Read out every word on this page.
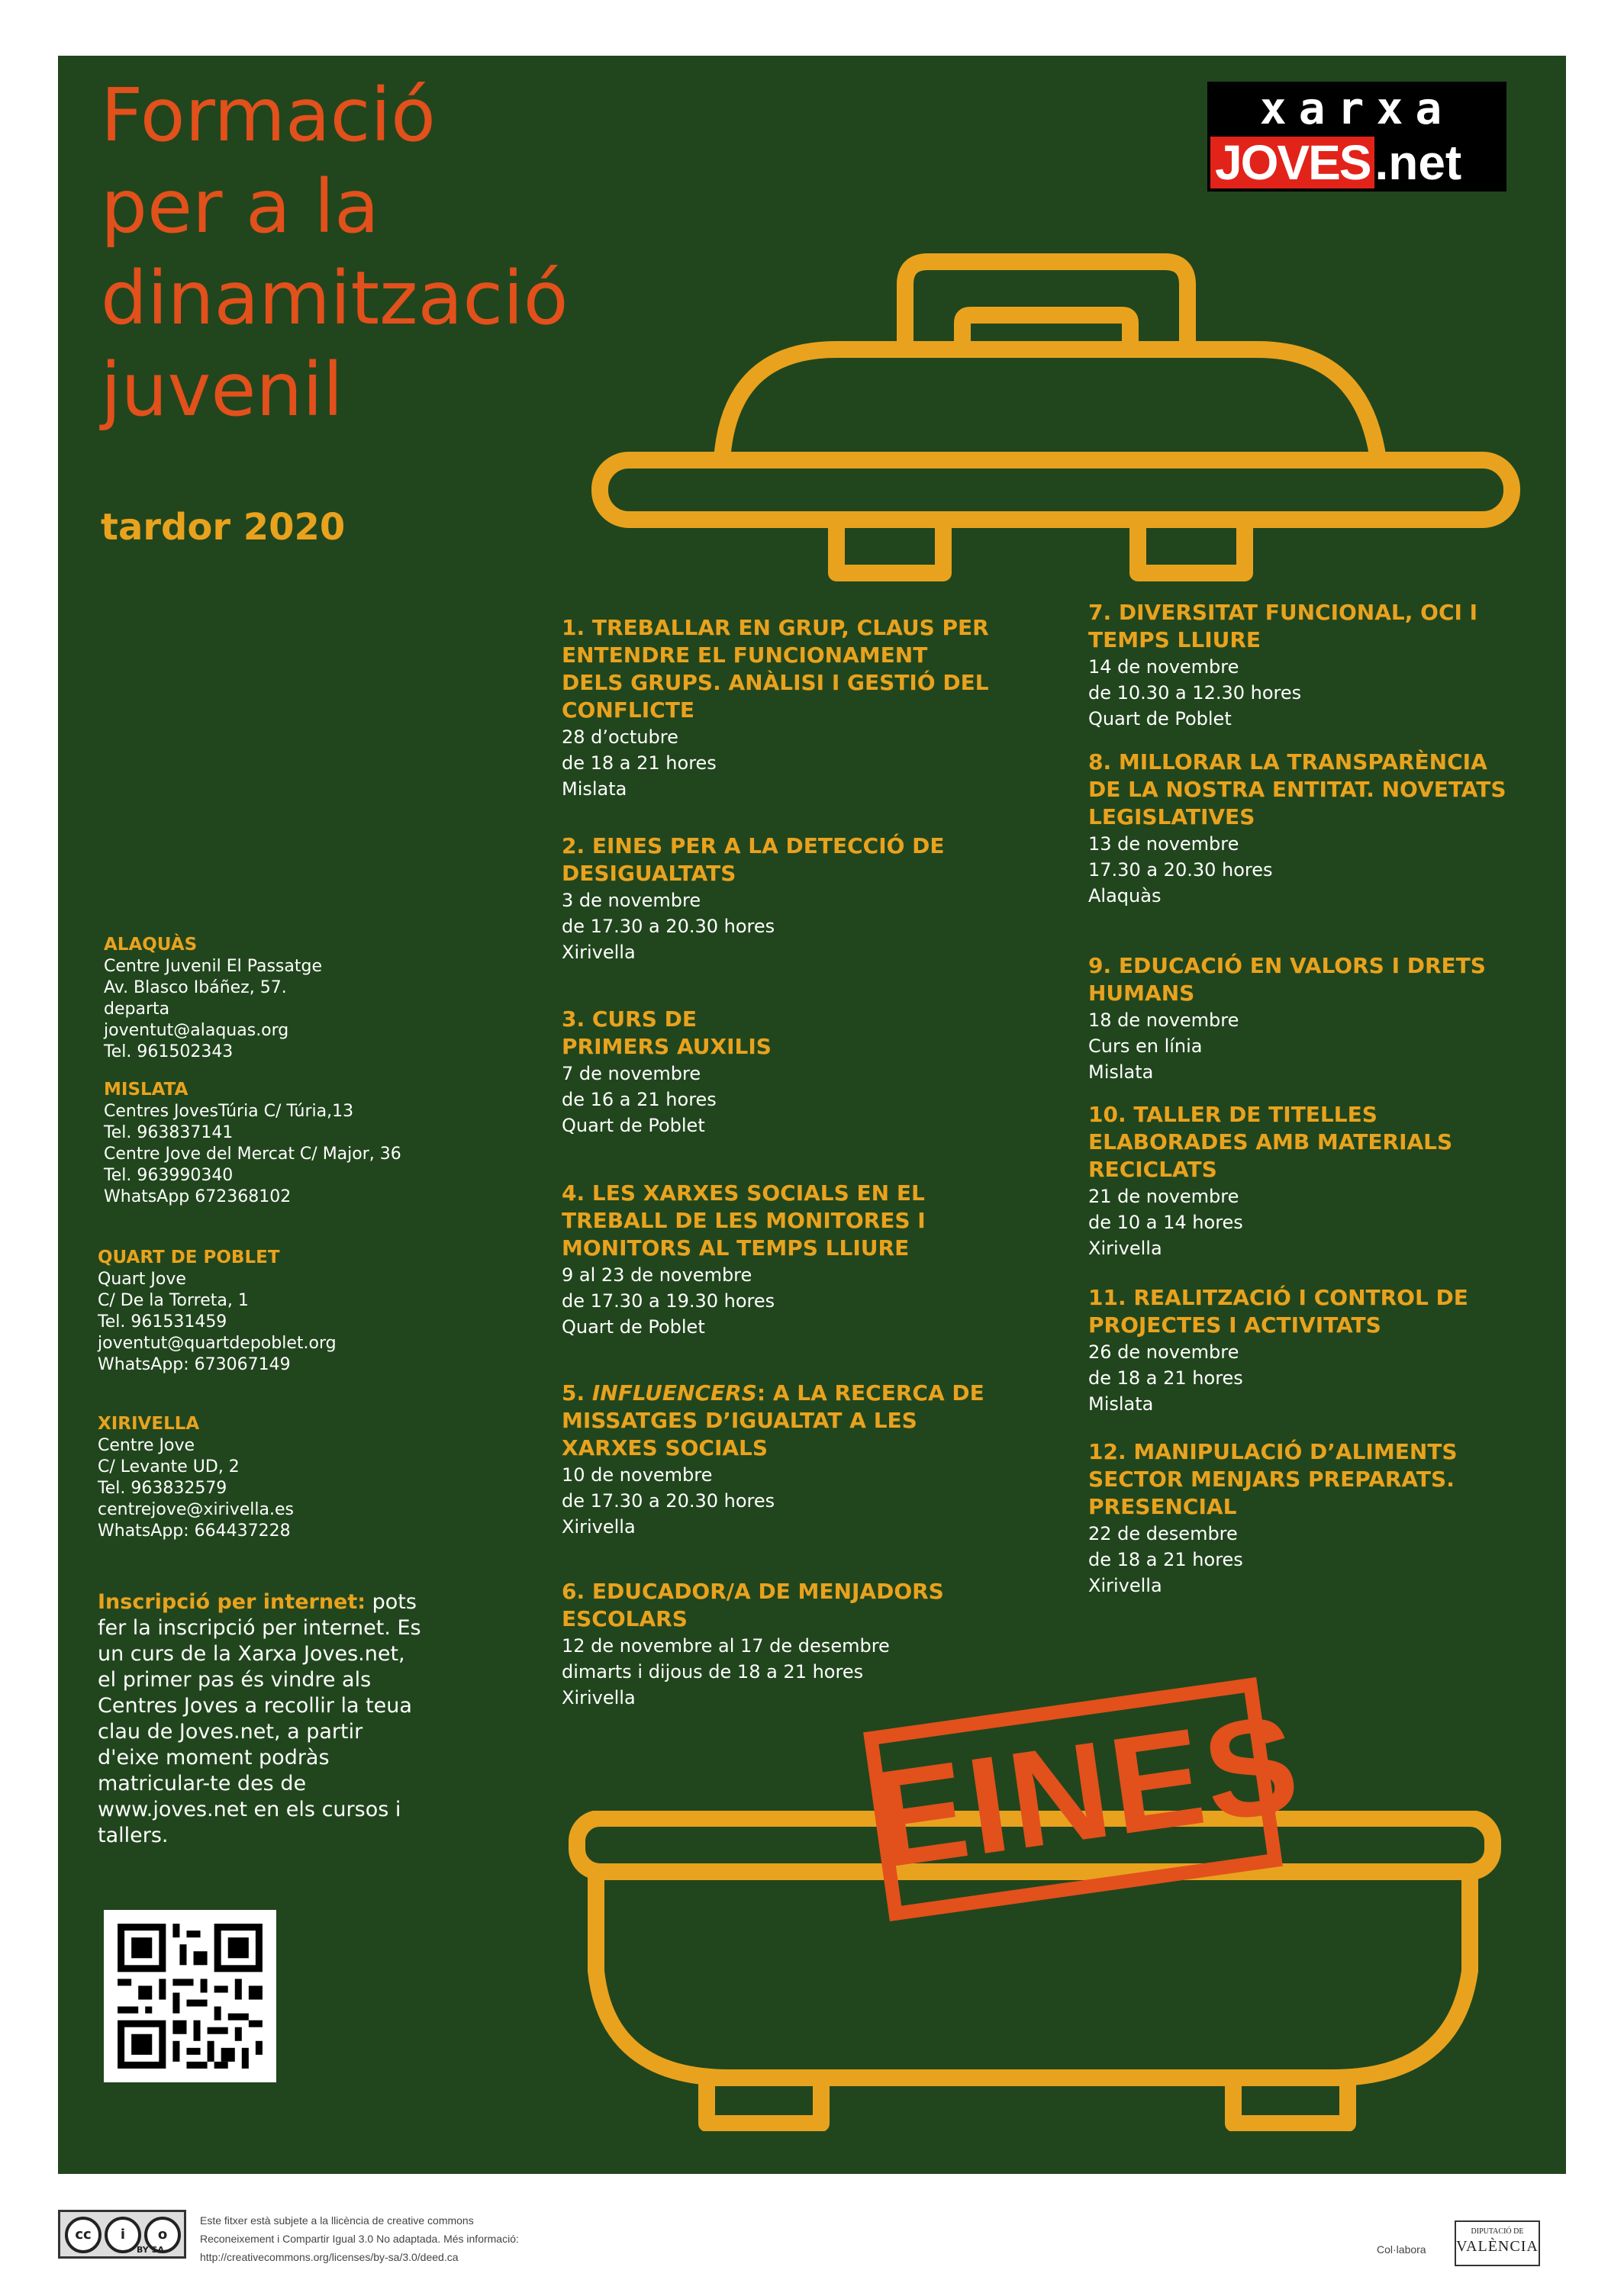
Formació
per a la
dinamització
juvenil
tardor 2020
xarxa
JOVES.net
EINES
1. TREBALLAR EN GRUP, CLAUS PER ENTENDRE EL FUNCIONAMENT DELS GRUPS. ANÀLISI I GESTIÓ DEL CONFLICTE
28 d’octubre
de 18 a 21 hores
Mislata
2. EINES PER A LA DETECCIÓ DE DESIGUALTATS
3 de novembre
de 17.30 a 20.30 hores
Xirivella
3. CURS DE
PRIMERS AUXILIS
7 de novembre
de 16 a 21 hores
Quart de Poblet
4. LES XARXES SOCIALS EN EL TREBALL DE LES MONITORES I MONITORS AL TEMPS LLIURE
9 al 23 de novembre
de 17.30 a 19.30 hores
Quart de Poblet
5. INFLUENCERS: A LA RECERCA DE MISSATGES D’IGUALTAT A LES XARXES SOCIALS
10 de novembre
de 17.30 a 20.30 hores
Xirivella
6. EDUCADOR/A DE MENJADORS ESCOLARS
12 de novembre al 17 de desembre
dimarts i dijous de 18 a 21 hores
Xirivella
7. DIVERSITAT FUNCIONAL, OCI I TEMPS LLIURE
14 de novembre
de 10.30 a 12.30 hores
Quart de Poblet
8. MILLORAR LA TRANSPARÈNCIA DE LA NOSTRA ENTITAT. NOVETATS LEGISLATIVES
13 de novembre
17.30 a 20.30 hores
Alaquàs
9. EDUCACIÓ EN VALORS I DRETS HUMANS
18 de novembre
Curs en línia
Mislata
10. TALLER DE TITELLES ELABORADES AMB MATERIALS RECICLATS
21 de novembre
de 10 a 14 hores
Xirivella
11. REALITZACIÓ I CONTROL DE PROJECTES I ACTIVITATS
26 de novembre
de 18 a 21 hores
Mislata
12. MANIPULACIÓ D’ALIMENTS SECTOR MENJARS PREPARATS. PRESENCIAL
22 de desembre
de 18 a 21 hores
Xirivella
ALAQUÀS
Centre Juvenil El Passatge
Av. Blasco Ibáñez, 57.
departa
joventut@alaquas.org
Tel. 961502343
MISLATA
Centres JovesTúria C/ Túria,13
Tel. 963837141
Centre Jove del Mercat C/ Major, 36
Tel. 963990340
WhatsApp 672368102
QUART DE POBLET
Quart Jove
C/ De la Torreta, 1
Tel. 961531459
joventut@quartdepoblet.org
WhatsApp: 673067149
XIRIVELLA
Centre Jove
C/ Levante UD, 2
Tel. 963832579
centrejove@xirivella.es
WhatsApp: 664437228
Inscripció per internet: pots fer la inscripció per internet. Es un curs de la Xarxa Joves.net, el primer pas és vindre als Centres Joves a recollir la teua clau de Joves.net, a partir d'eixe moment podràs matricular-te des de www.joves.net en els cursos i tallers.
cc	i	o
BY SA
Este fitxer està subjete a la llicència de creative commons
Reconeixement i Compartir Igual 3.0 No adaptada. Més informació:
http://creativecommons.org/licenses/by-sa/3.0/deed.ca
Col·labora
DIPUTACIÓ DE
VALÈNCIA
